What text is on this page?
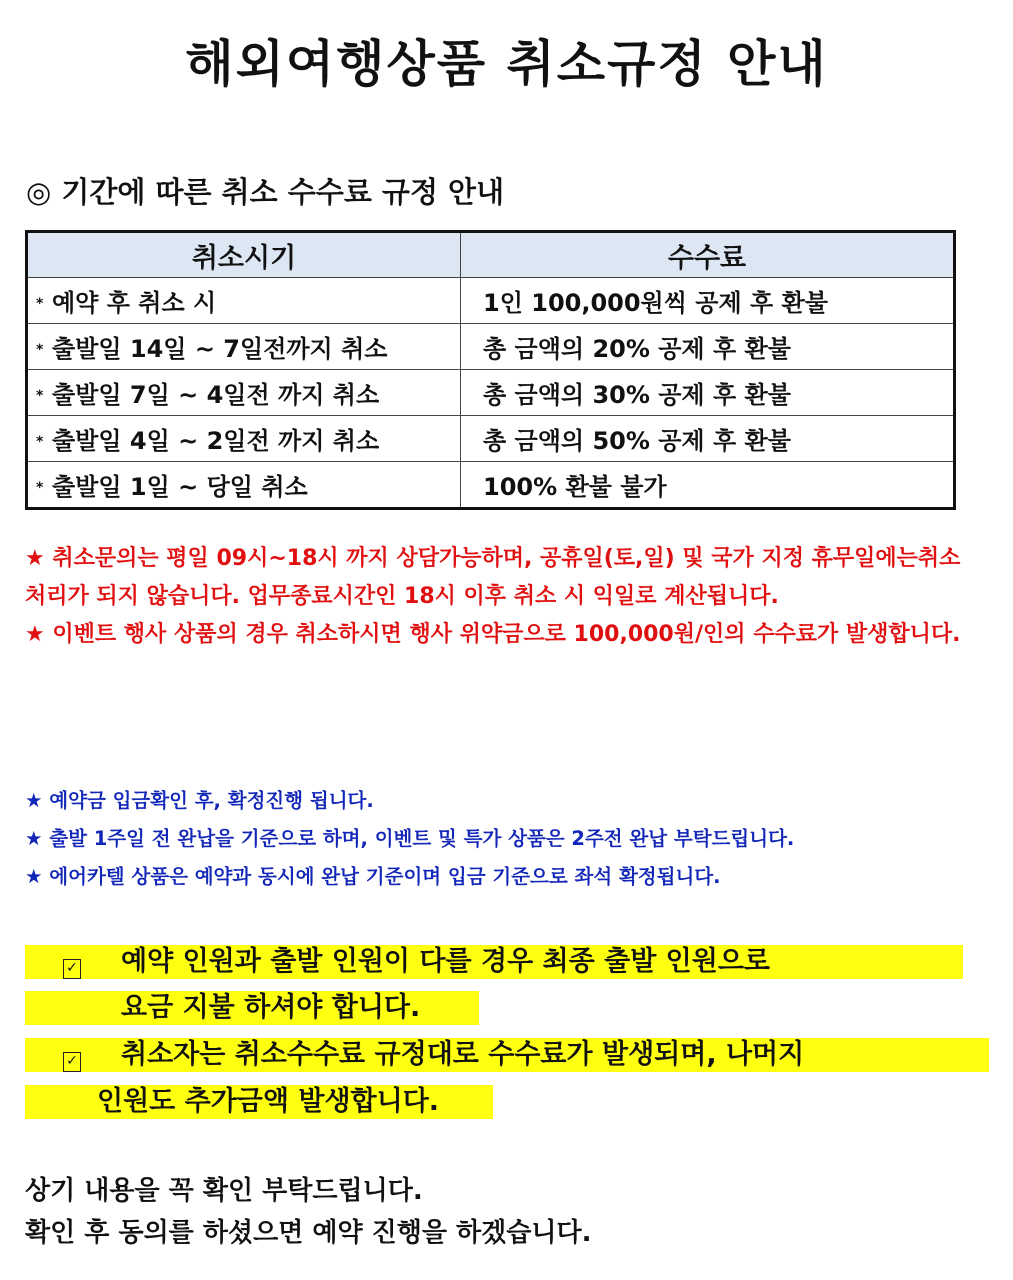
해외여행상품 취소규정 안내
◎ 기간에 따른 취소 수수료 규정 안내
취소시기	수수료
* 예약 후 취소 시	1인 100,000원씩 공제 후 환불
* 출발일 14일 ~ 7일전까지 취소	총 금액의 20% 공제 후 환불
* 출발일 7일 ~ 4일전 까지 취소	총 금액의 30% 공제 후 환불
* 출발일 4일 ~ 2일전 까지 취소	총 금액의 50% 공제 후 환불
* 출발일 1일 ~ 당일 취소	100% 환불 불가

★ 취소문의는 평일 09시~18시 까지 상담가능하며, 공휴일(토,일) 및 국가 지정 휴무일에는취소처리가 되지 않습니다. 업무종료시간인 18시 이후 취소 시 익일로 계산됩니다.

★ 이벤트 행사 상품의 경우 취소하시면 행사 위약금으로 100,000원/인의 수수료가 발생합니다.

★ 예약금 입금확인 후, 확정진행 됩니다.

★ 출발 1주일 전 완납을 기준으로 하며, 이벤트 및 특가 상품은 2주전 완납 부탁드립니다.

★ 에어카텔 상품은 예약과 동시에 완납 기준이며 입금 기준으로 좌석 확정됩니다.

✓ 예약 인원과 출발 인원이 다를 경우 최종 출발 인원으로
요금 지불 하셔야 합니다.
✓ 취소자는 취소수수료 규정대로 수수료가 발생되며, 나머지
인원도 추가금액 발생합니다.

상기 내용을 꼭 확인 부탁드립니다.

확인 후 동의를 하셨으면 예약 진행을 하겠습니다.
